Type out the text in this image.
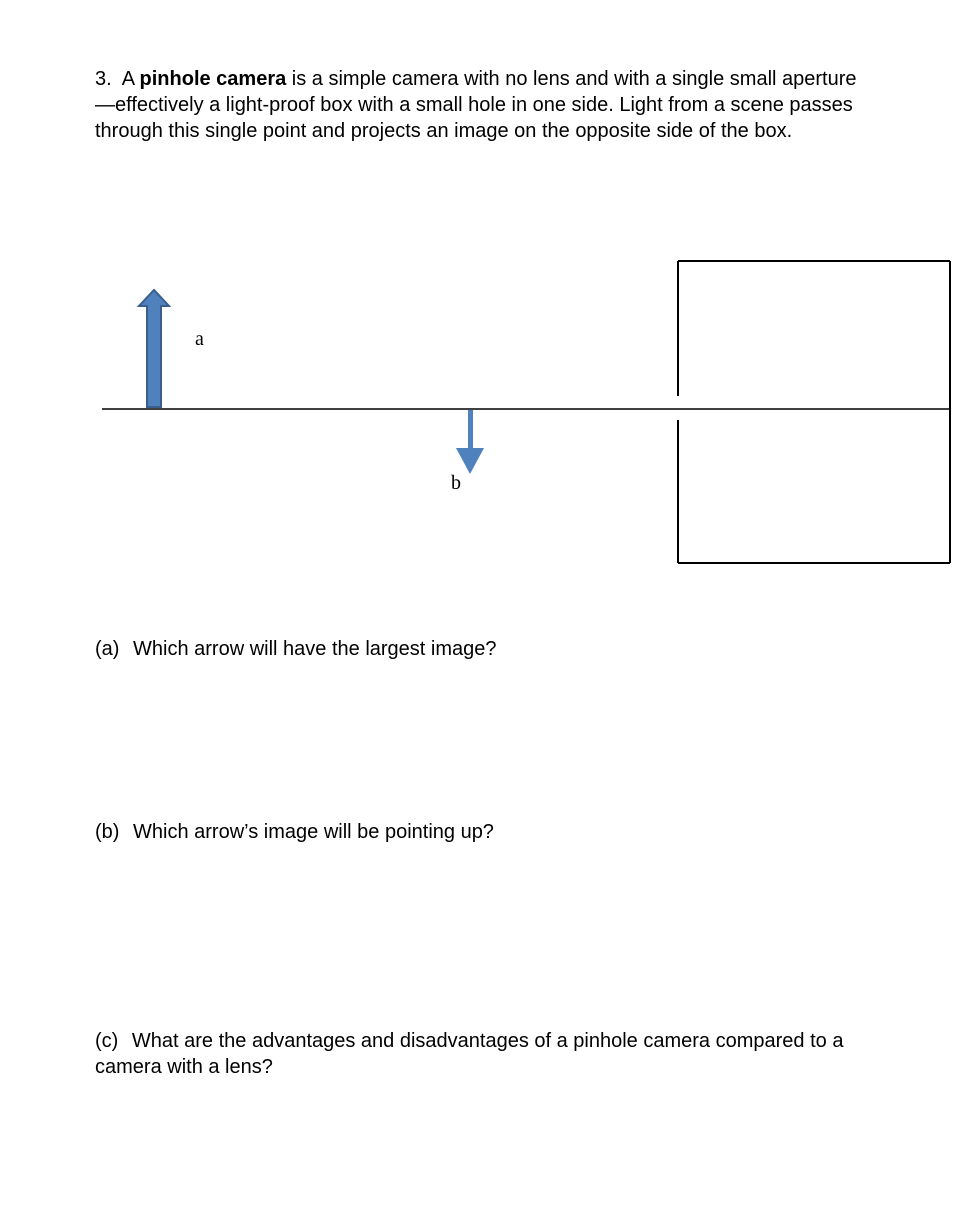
3. A pinhole camera is a simple camera with no lens and with a single small aperture —effectively a light-proof box with a small hole in one side. Light from a scene passes through this single point and projects an image on the opposite side of the box.

a
b

(a) Which arrow will have the largest image?

(b) Which arrow’s image will be pointing up?

(c) What are the advantages and disadvantages of a pinhole camera compared to a camera with a lens?
